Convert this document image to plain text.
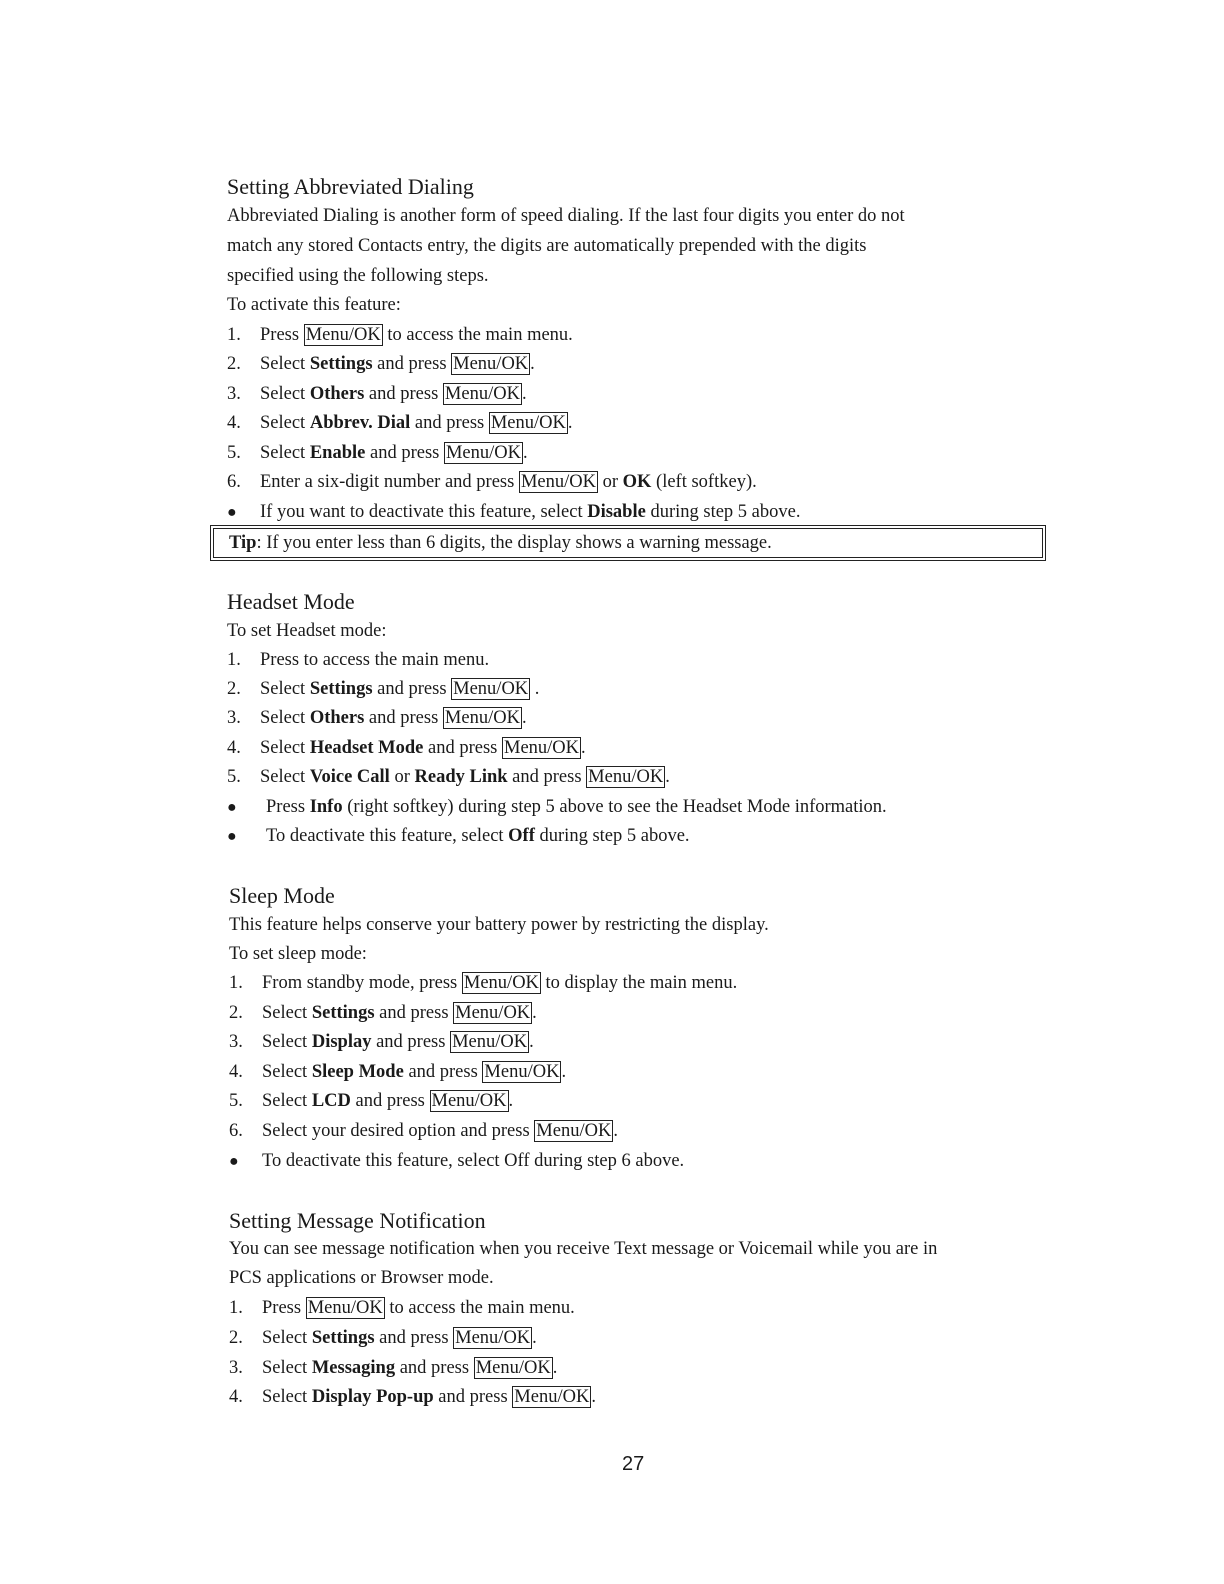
Setting Abbreviated Dialing
Abbreviated Dialing is another form of speed dialing. If the last four digits you enter do not
match any stored Contacts entry, the digits are automatically prepended with the digits
specified using the following steps.
To activate this feature:
1. Press Menu/OK to access the main menu.
2. Select Settings and press Menu/OK .
3. Select Others and press Menu/OK .
4. Select Abbrev. Dial and press Menu/OK .
5. Select Enable and press Menu/OK .
6. Enter a six-digit number and press Menu/OK or OK (left softkey).
● If you want to deactivate this feature, select Disable during step 5 above.
Tip: If you enter less than 6 digits, the display shows a warning message.
Headset Mode
To set Headset mode:
1. Press to access the main menu.
2. Select Settings and press Menu/OK .
3. Select Others and press Menu/OK .
4. Select Headset Mode and press Menu/OK .
5. Select Voice Call or Ready Link and press Menu/OK .
● Press Info (right softkey) during step 5 above to see the Headset Mode information.
● To deactivate this feature, select Off during step 5 above.
Sleep Mode
This feature helps conserve your battery power by restricting the display.
To set sleep mode:
1. From standby mode, press Menu/OK to display the main menu.
2. Select Settings and press Menu/OK .
3. Select Display and press Menu/OK .
4. Select Sleep Mode and press Menu/OK .
5. Select LCD and press Menu/OK .
6. Select your desired option and press Menu/OK .
● To deactivate this feature, select Off during step 6 above.
Setting Message Notification
You can see message notification when you receive Text message or Voicemail while you are in
PCS applications or Browser mode.
1. Press Menu/OK to access the main menu.
2. Select Settings and press Menu/OK .
3. Select Messaging and press Menu/OK .
4. Select Display Pop-up and press Menu/OK .
27
